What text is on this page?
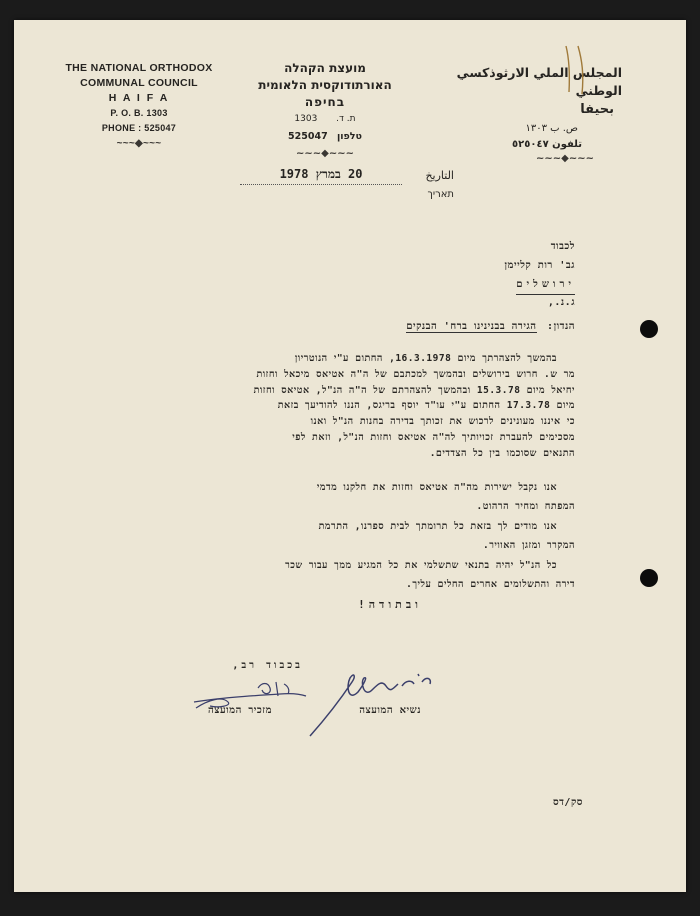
THE NATIONAL ORTHODOX
COMMUNAL COUNCIL
H A I F A
P. O. B. 1303
PHONE : 525047
~~~◆~~~
מועצת הקהלה
האורתודוקסית הלאומית
בחיפה
ת. ד. 1303
טלפון 525047
~~~◆~~~
المجلس الملي الارثوذكسي الوطني
بحيفا
ص. ب ١٣٠٣
تلفون ٥٢٥٠٤٧
~~~◆~~~
التاريخ
20 במרץ 1978
תאריך
לכבוד
גב' רות קליימן
ירושלים
ג.נ.,
הנדון: הגירה בבנינינו ברח' הבנקים
בהמשך להצהרתך מיום 16.3.1978, החתום ע"י הנוטריון
מר ש. חרוש בירושלים ובהמשך למכתבם של ה"ה אטיאס מיכאל וחזות
יחיאל מיום 15.3.78 ובהמשך להצהרתם של ה"ה הנ"ל, אטיאס וחזות
מיום 17.3.78 החתום ע"י עו"ד יוסף בריגס, הננו להודיעך בזאת
כי איננו מעונינים לרכוש את זכותך בדירה בחנות הנ"ל ואנו
מסכימים להעברת זכויותיך לה"ה אטיאס וחזות הנ"ל, וזאת לפי
התנאים שסוכמו בין כל הצדדים.
אנו נקבל ישירות מה"ה אטיאס וחזות את חלקנו מדמי
המפתח ומחיר הרהוט.
אנו מודים לך בזאת כל תרומתך לבית ספרנו, התרמת
המקרר ומזגן האוויר.
כל הנ"ל יהיה בתנאי שתשלמי את כל המגיע ממך עבור שכר
דירה והתשלומים אחרים החלים עליך.
ובתודה!
בכבוד רב,
מזכיר המועצה	נשיא המועצה
סק/דס
